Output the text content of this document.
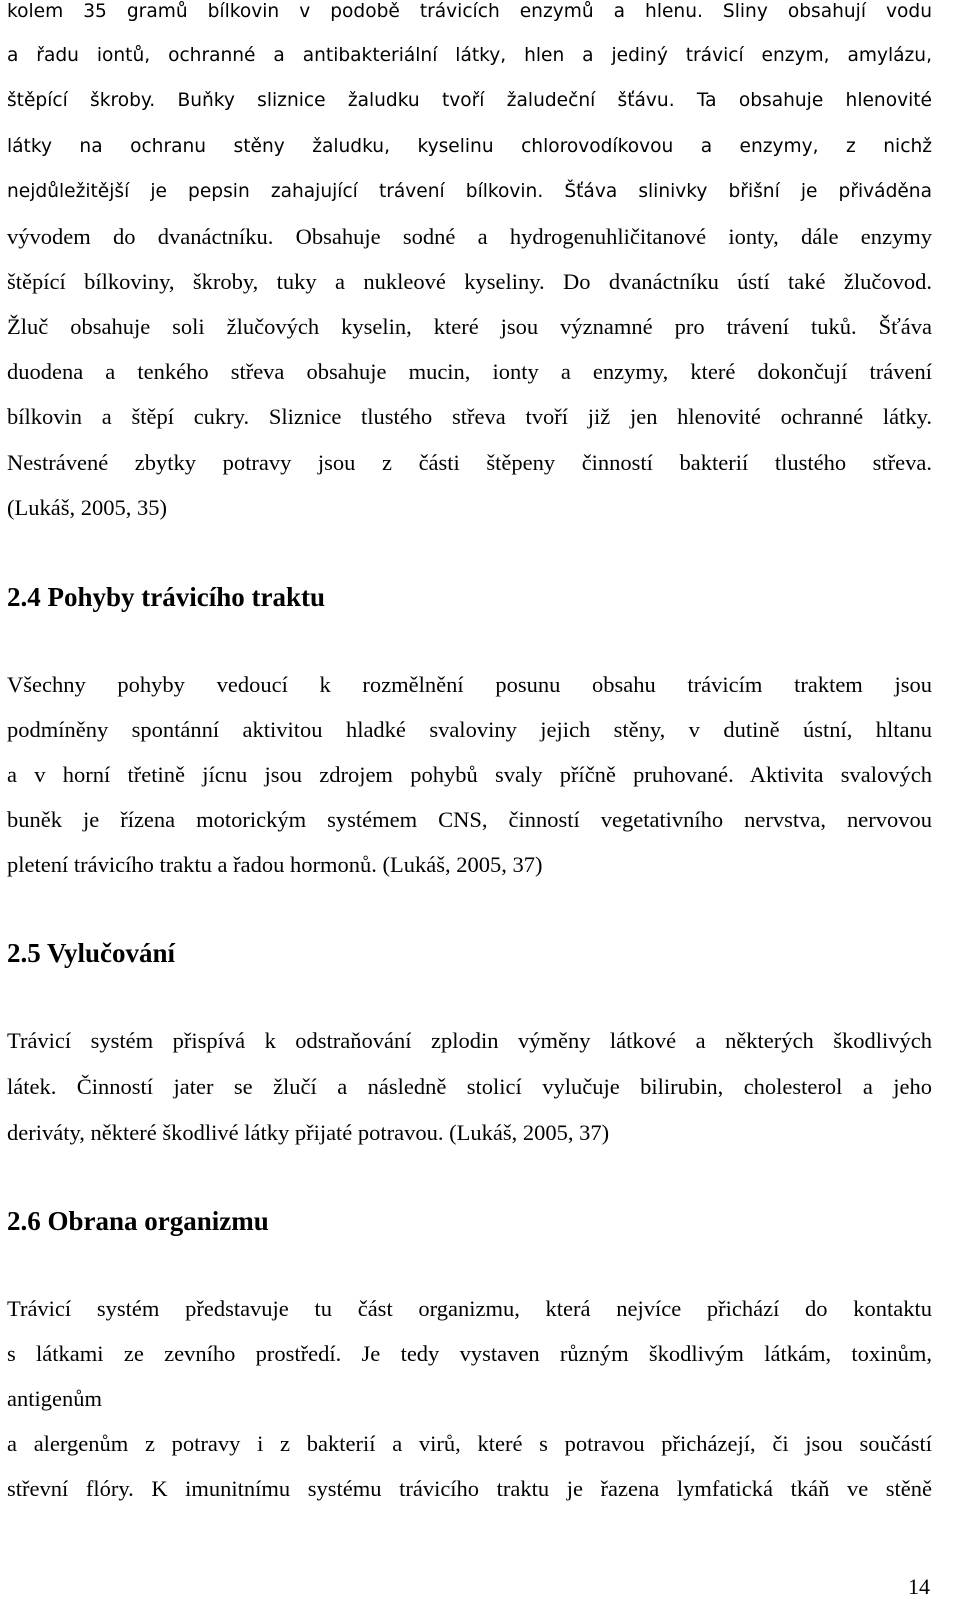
kolem 35 gramů bílkovin v podobě trávicích enzymů a hlenu. Sliny obsahují vodu
a řadu iontů, ochranné a antibakteriální látky, hlen a jediný trávicí enzym, amylázu,
štěpící škroby. Buňky sliznice žaludku tvoří žaludeční šťávu. Ta obsahuje hlenovité
látky na ochranu stěny žaludku, kyselinu chlorovodíkovou a enzymy, z nichž
nejdůležitější je pepsin zahajující trávení bílkovin. Šťáva slinivky břišní je přiváděna
vývodem do dvanáctníku. Obsahuje sodné a hydrogenuhličitanové ionty, dále enzymy
štěpící bílkoviny, škroby, tuky a nukleové kyseliny. Do dvanáctníku ústí také žlučovod.
Žluč obsahuje soli žlučových kyselin, které jsou významné pro trávení tuků. Šťáva
duodena a tenkého střeva obsahuje mucin, ionty a enzymy, které dokončují trávení
bílkovin a štěpí cukry. Sliznice tlustého střeva tvoří již jen hlenovité ochranné látky.
Nestrávené zbytky potravy jsou z části štěpeny činností bakterií tlustého střeva.
(Lukáš, 2005, 35)
2.4 Pohyby trávicího traktu
Všechny pohyby vedoucí k rozmělnění posunu obsahu trávicím traktem jsou
podmíněny spontánní aktivitou hladké svaloviny jejich stěny, v dutině ústní, hltanu
a v horní třetině jícnu jsou zdrojem pohybů svaly příčně pruhované. Aktivita svalových
buněk je řízena motorickým systémem CNS, činností vegetativního nervstva, nervovou
pletení trávicího traktu a řadou hormonů. (Lukáš, 2005, 37)
2.5 Vylučování
Trávicí systém přispívá k odstraňování zplodin výměny látkové a některých škodlivých
látek. Činností jater se žlučí a následně stolicí vylučuje bilirubin, cholesterol a jeho
deriváty, některé škodlivé látky přijaté potravou. (Lukáš, 2005, 37)
2.6 Obrana organizmu
Trávicí systém představuje tu část organizmu, která nejvíce přichází do kontaktu
s látkami ze zevního prostředí. Je tedy vystaven různým škodlivým látkám, toxinům,
antigenům
a alergenům z potravy i z bakterií a virů, které s potravou přicházejí, či jsou součástí
střevní flóry. K imunitnímu systému trávicího traktu je řazena lymfatická tkáň ve stěně
14
